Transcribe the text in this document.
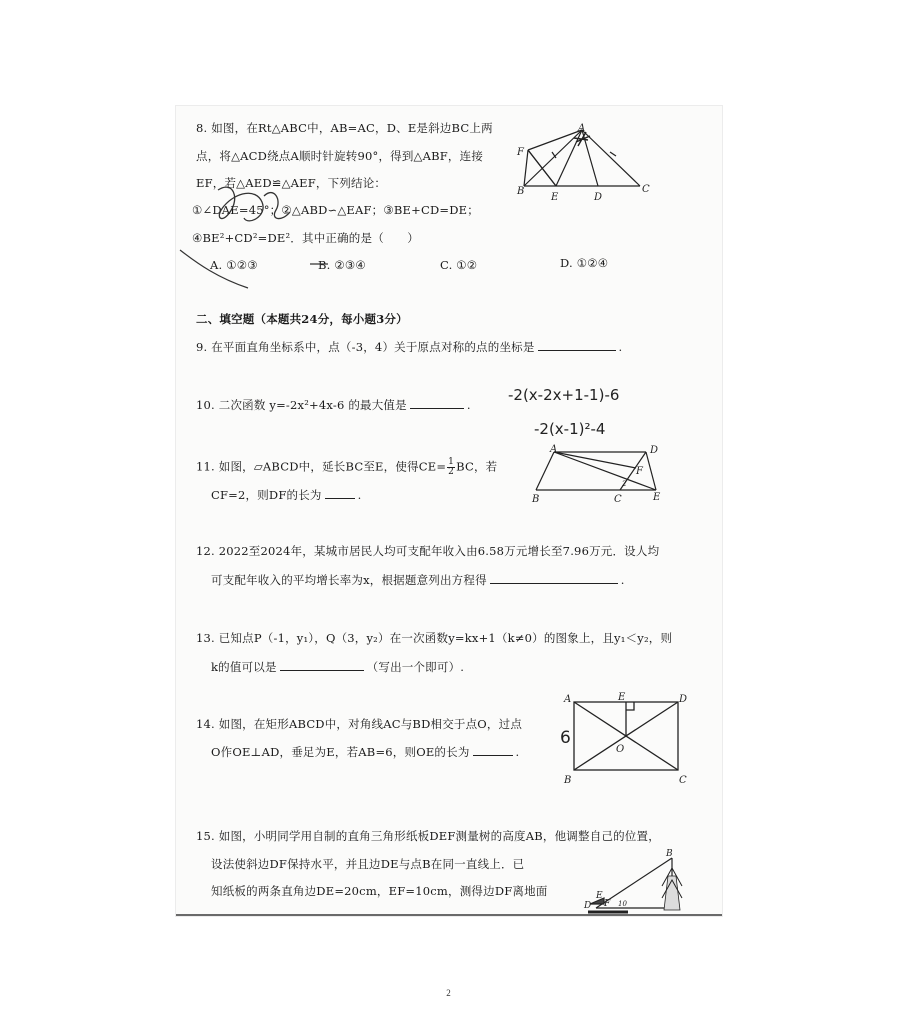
8. 如图，在Rt△ABC中，AB=AC，D、E是斜边BC上两
点，将△ACD绕点A顺时针旋转90°，得到△ABF，连接
EF，若△AED≌△AEF，下列结论：
①∠DAE=45°；②△ABD∽△EAF；③BE+CD=DE；
④BE²+CD²=DE²．其中正确的是（　　）
A. ①②③	B. ②③④	C. ①②	D. ①②④
A
F
B
E	D
C
二、填空题（本题共24分，每小题3分）
9. 在平面直角坐标系中，点（-3，4）关于原点对称的点的坐标是	.
10. 二次函数 y=-2x²+4x-6 的最大值是	.
-2(x-2x+1-1)-6
-2(x-1)²-4
11. 如图，▱ABCD中，延长BC至E，使得$CE= \frac{1}{2}$ BC，若
CF=2，则DF的长为	.
A	D
F
B	C	E
2
12. 2022至2024年，某城市居民人均可支配年收入由6.58万元增长至7.96万元．设人均
可支配年收入的平均增长率为x，根据题意列出方程得	.
13. 已知点P（-1，y₁），Q（3，y₂）在一次函数y=kx+1（k≠0）的图象上，且y₁＜y₂，则
k的值可以是	（写出一个即可）.
14. 如图，在矩形ABCD中，对角线AC与BD相交于点O，过点
O作OE⊥AD，垂足为E，若AB=6，则OE的长为	.
A	E	D
O
B	C
6
15. 如图，小明同学用自制的直角三角形纸板DEF测量树的高度AB，他调整自己的位置，
设法使斜边DF保持水平，并且边DE与点B在同一直线上．已
知纸板的两条直角边DE=20cm，EF=10cm，测得边DF离地面
B
D
E
F 10
2
